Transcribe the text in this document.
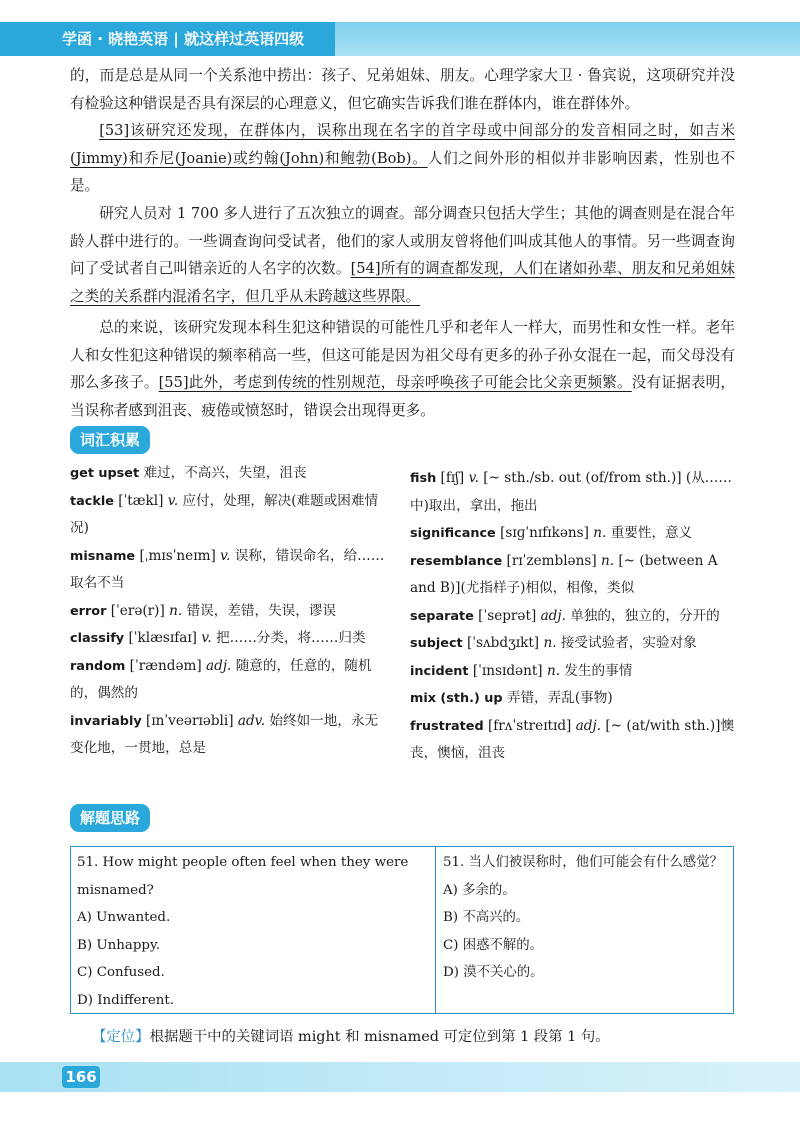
学函 · 晓艳英语 | 就这样过英语四级

的，而是总是从同一个关系池中捞出：孩子、兄弟姐妹、朋友。心理学家大卫 · 鲁宾说，这项研究并没有检验这种错误是否具有深层的心理意义，但它确实告诉我们谁在群体内，谁在群体外。

[53]该研究还发现，在群体内，误称出现在名字的首字母或中间部分的发音相同之时，如吉米(Jimmy)和乔尼(Joanie)或约翰(John)和鲍勃(Bob)。人们之间外形的相似并非影响因素，性别也不是。

研究人员对 1 700 多人进行了五次独立的调查。部分调查只包括大学生；其他的调查则是在混合年龄人群中进行的。一些调查询问受试者，他们的家人或朋友曾将他们叫成其他人的事情。另一些调查询问了受试者自己叫错亲近的人名字的次数。[54]所有的调查都发现，人们在诸如孙辈、朋友和兄弟姐妹之类的关系群内混淆名字，但几乎从未跨越这些界限。

总的来说，该研究发现本科生犯这种错误的可能性几乎和老年人一样大，而男性和女性一样。老年人和女性犯这种错误的频率稍高一些，但这可能是因为祖父母有更多的孙子孙女混在一起，而父母没有那么多孩子。[55]此外，考虑到传统的性别规范，母亲呼唤孩子可能会比父亲更频繁。没有证据表明，当误称者感到沮丧、疲倦或愤怒时，错误会出现得更多。

词汇积累

get upset 难过，不高兴，失望，沮丧

tackle [ˈtækl] v. 应付，处理，解决(难题或困难情况)

misname [ˌmɪsˈneɪm] v. 误称，错误命名，给……取名不当

error [ˈerə(r)] n. 错误，差错，失误，谬误

classify [ˈklæsɪfaɪ] v. 把……分类，将……归类

random [ˈrændəm] adj. 随意的，任意的，随机的，偶然的

invariably [ɪnˈveərɪəbli] adv. 始终如一地，永无变化地，一贯地，总是

fish [fɪʃ] v. [~ sth./sb. out (of/from sth.)] (从……中)取出，拿出，拖出

significance [sɪɡˈnɪfɪkəns] n. 重要性，意义

resemblance [rɪˈzembləns] n. [~ (between A and B)](尤指样子)相似，相像，类似

separate [ˈseprət] adj. 单独的，独立的，分开的

subject [ˈsʌbdʒɪkt] n. 接受试验者，实验对象

incident [ˈɪnsɪdənt] n. 发生的事情

mix (sth.) up 弄错，弄乱(事物)

frustrated [frʌˈstreɪtɪd] adj. [~ (at/with sth.)]懊丧，懊恼，沮丧

解题思路

51. How might people often feel when they were misnamed?

A) Unwanted.

B) Unhappy.

C) Confused.

D) Indifferent.

51. 当人们被误称时，他们可能会有什么感觉？

A) 多余的。

B) 不高兴的。

C) 困惑不解的。

D) 漠不关心的。

【定位】根据题干中的关键词语 might 和 misnamed 可定位到第 1 段第 1 句。

166
